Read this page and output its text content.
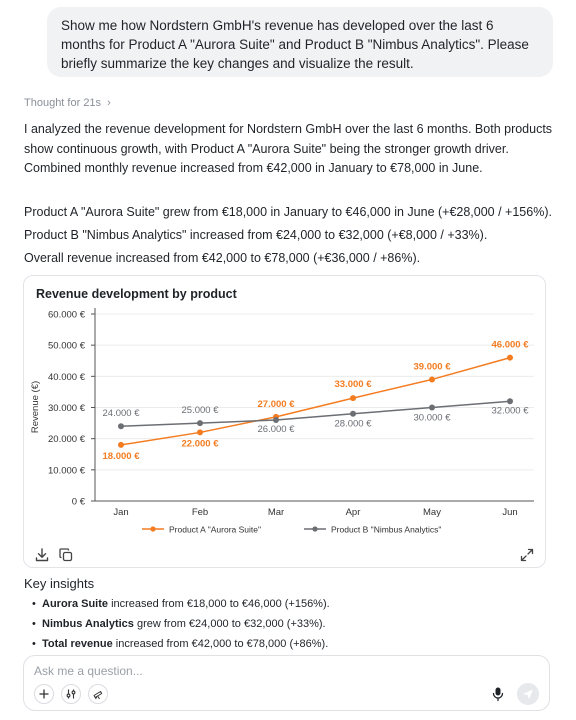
Show me how Nordstern GmbH's revenue has developed over the last 6 months for Product A "Aurora Suite" and Product B "Nimbus Analytics". Please briefly summarize the key changes and visualize the result.
Thought for 21s ›
I analyzed the revenue development for Nordstern GmbH over the last 6 months. Both products show continuous growth, with Product A "Aurora Suite" being the stronger growth driver. Combined monthly revenue increased from €42,000 in January to €78,000 in June.
Product A "Aurora Suite" grew from €18,000 in January to €46,000 in June (+€28,000 / +156%).
Product B "Nimbus Analytics" increased from €24,000 to €32,000 (+€8,000 / +33%).
Overall revenue increased from €42,000 to €78,000 (+€36,000 / +86%).
Revenue development by product
0 €
10.000 €
20.000 €
30.000 €
40.000 €
50.000 €
60.000 €
Revenue (€)
Jan	Feb	Mar	Apr	May	Jun
18.000 €
22.000 €
27.000 €
33.000 €
39.000 €
46.000 €
24.000 €	25.000 €
26.000 €	28.000 €
30.000 €
32.000 €
Product A "Aurora Suite"	Product B "Nimbus Analytics"
Key insights
• Aurora Suite increased from €18,000 to €46,000 (+156%).
• Nimbus Analytics grew from €24,000 to €32,000 (+33%).
• Total revenue increased from €42,000 to €78,000 (+86%).
Ask me a question...
